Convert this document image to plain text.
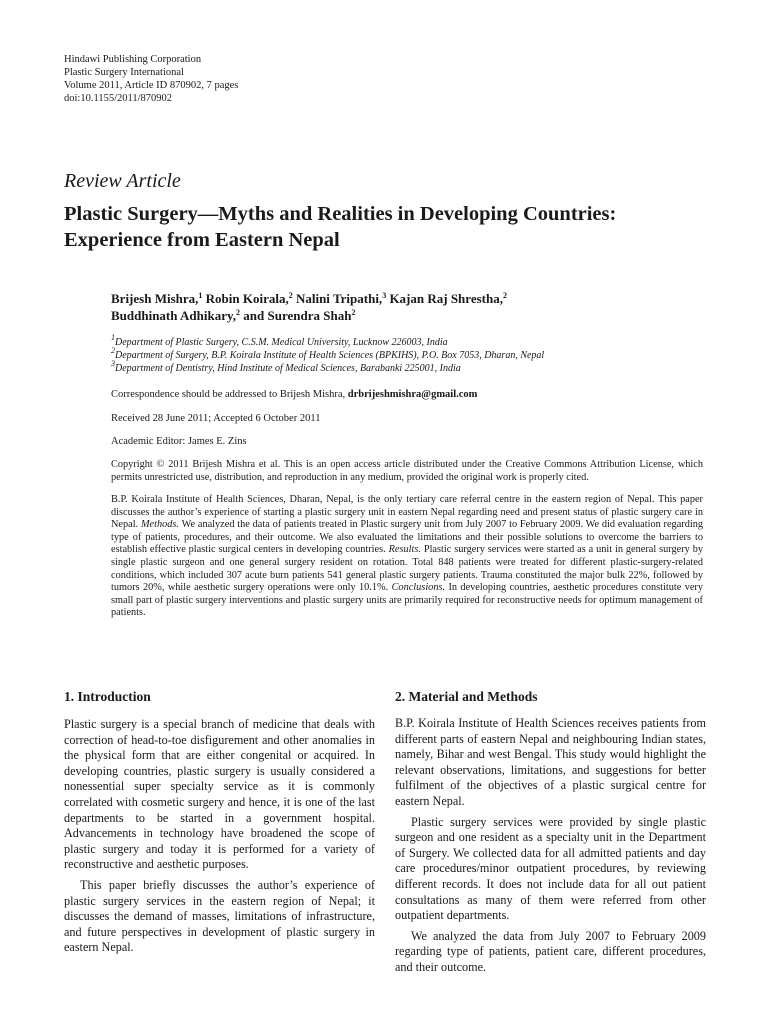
Hindawi Publishing Corporation
Plastic Surgery International
Volume 2011, Article ID 870902, 7 pages
doi:10.1155/2011/870902
Review Article
Plastic Surgery—Myths and Realities in Developing Countries:
Experience from Eastern Nepal
Brijesh Mishra,$^1$ Robin Koirala,$^2$ Nalini Tripathi,$^3$ Kajan Raj Shrestha,$^2$
Buddhinath Adhikary,$^2$ and Surendra Shah$^2$
$^1$Department of Plastic Surgery, C.S.M. Medical University, Lucknow 226003, India
$^2$Department of Surgery, B.P. Koirala Institute of Health Sciences (BPKIHS), P.O. Box 7053, Dharan, Nepal
$^3$Department of Dentistry, Hind Institute of Medical Sciences, Barabanki 225001, India
Correspondence should be addressed to Brijesh Mishra, drbrijeshmishra@gmail.com
Received 28 June 2011; Accepted 6 October 2011
Academic Editor: James E. Zins
Copyright © 2011 Brijesh Mishra et al. This is an open access article distributed under the Creative Commons Attribution License, which permits unrestricted use, distribution, and reproduction in any medium, provided the original work is properly cited.
B.P. Koirala Institute of Health Sciences, Dharan, Nepal, is the only tertiary care referral centre in the eastern region of Nepal. This paper discusses the author’s experience of starting a plastic surgery unit in eastern Nepal regarding need and present status of plastic surgery care in Nepal. Methods. We analyzed the data of patients treated in Plastic surgery unit from July 2007 to February 2009. We did evaluation regarding type of patients, procedures, and their outcome. We also evaluated the limitations and their possible solutions to overcome the barriers to establish effective plastic surgical centers in developing countries. Results. Plastic surgery services were started as a unit in general surgery by single plastic surgeon and one general surgery resident on rotation. Total 848 patients were treated for different plastic-surgery-related conditions, which included 307 acute burn patients 541 general plastic surgery patients. Trauma constituted the major bulk 22%, followed by tumors 20%, while aesthetic surgery operations were only 10.1%. Conclusions. In developing countries, aesthetic procedures constitute very small part of plastic surgery interventions and plastic surgery units are primarily required for reconstructive needs for optimum management of patients.
1. Introduction

Plastic surgery is a special branch of medicine that deals with correction of head-to-toe disfigurement and other anomalies in the physical form that are either congenital or acquired. In developing countries, plastic surgery is usually considered a nonessential super specialty service as it is commonly correlated with cosmetic surgery and hence, it is one of the last departments to be started in a government hospital. Advancements in technology have broadened the scope of plastic surgery and today it is performed for a variety of reconstructive and aesthetic purposes.

This paper briefly discusses the author’s experience of plastic surgery services in the eastern region of Nepal; it discusses the demand of masses, limitations of infrastructure, and future perspectives in development of plastic surgery in eastern Nepal.

2. Material and Methods

B.P. Koirala Institute of Health Sciences receives patients from different parts of eastern Nepal and neighbouring Indian states, namely, Bihar and west Bengal. This study would highlight the relevant observations, limitations, and suggestions for better fulfilment of the objectives of a plastic surgical centre for eastern Nepal.

Plastic surgery services were provided by single plastic surgeon and one resident as a specialty unit in the Department of Surgery. We collected data for all admitted patients and day care procedures/minor outpatient procedures, by reviewing different records. It does not include data for all out patient consultations as many of them were referred from other outpatient departments.

We analyzed the data from July 2007 to February 2009 regarding type of patients, patient care, different procedures, and their outcome.
